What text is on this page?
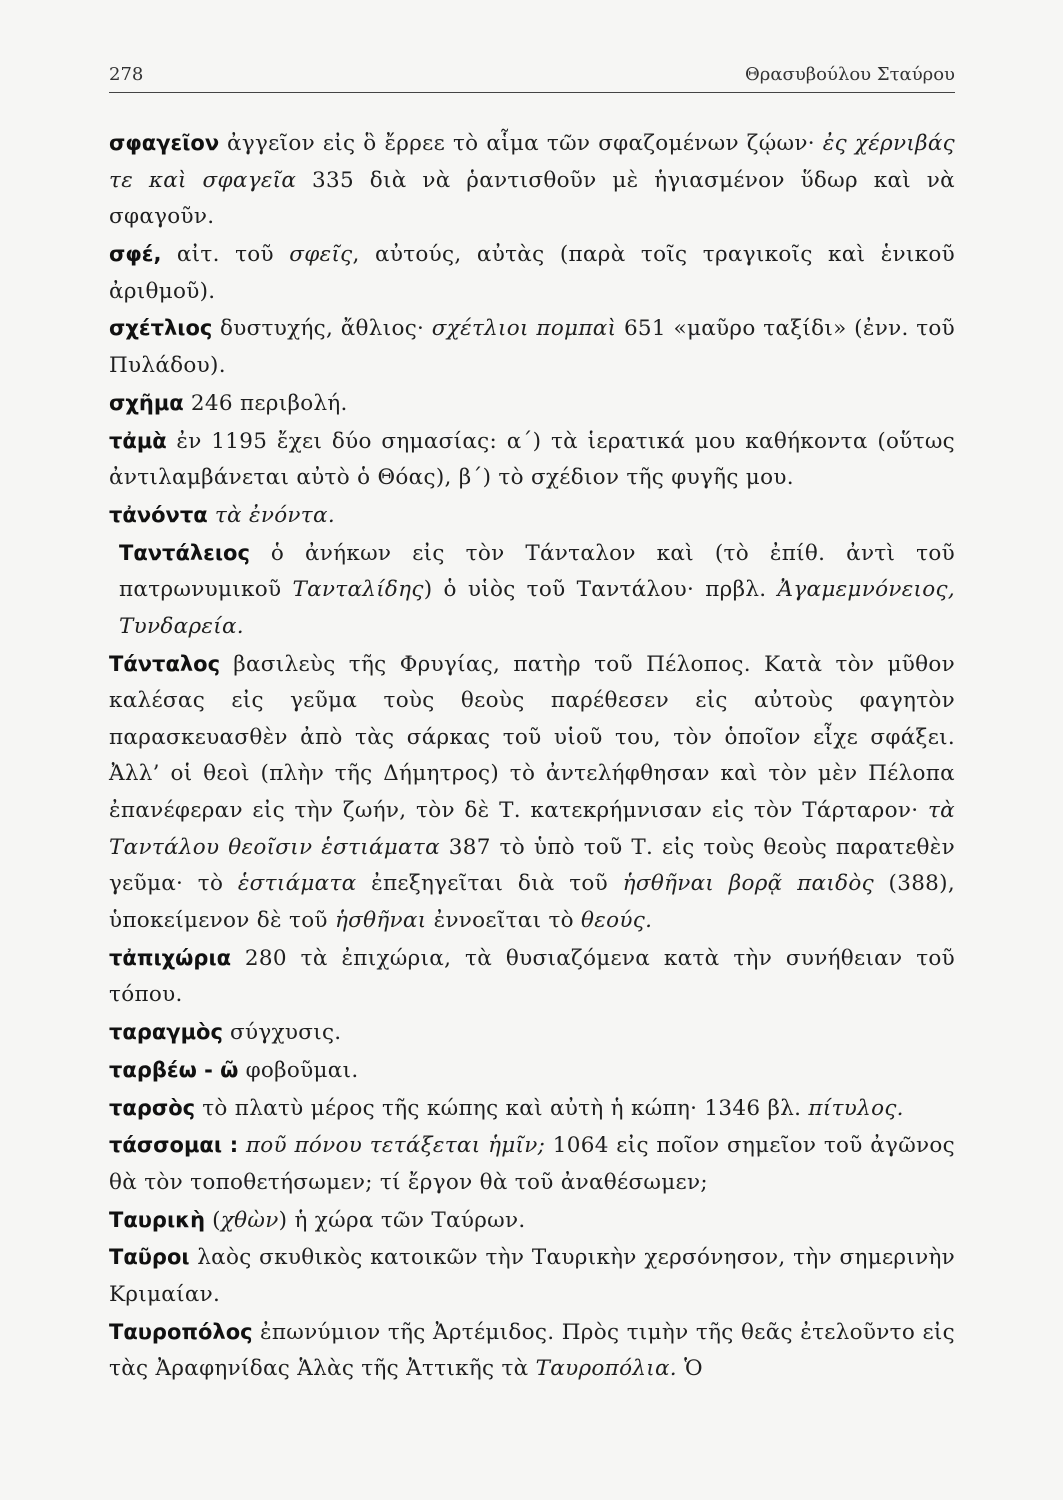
278	Θρασυβούλου Σταύρου
σφαγεῖον ἀγγεῖον εἰς ὃ ἔρρεε τὸ αἷμα τῶν σφαζομένων ζῴων· ἐς χέρνιβάς τε καὶ σφαγεῖα 335 διὰ νὰ ῥαντισθοῦν μὲ ἡγιασμένον ὕδωρ καὶ νὰ σφαγοῦν.
σφέ, αἰτ. τοῦ σφεῖς, αὐτούς, αὐτὰς (παρὰ τοῖς τραγικοῖς καὶ ἑνικοῦ ἀριθμοῦ).
σχέτλιος δυστυχής, ἄθλιος· σχέτλιοι πομπαὶ 651 «μαῦρο ταξίδι» (ἐνν. τοῦ Πυλάδου).
σχῆμα 246 περιβολή.
τἀμὰ ἐν 1195 ἔχει δύο σημασίας: α΄) τὰ ἱερατικά μου καθήκοντα (οὕτως ἀντιλαμβάνεται αὐτὸ ὁ Θόας), β΄) τὸ σχέδιον τῆς φυγῆς μου.
τἀνόντα τὰ ἐνόντα.
Ταντάλειος ὁ ἀνήκων εἰς τὸν Τάνταλον καὶ (τὸ ἐπίθ. ἀντὶ τοῦ πατρωνυμικοῦ Τανταλίδης) ὁ υἱὸς τοῦ Ταντάλου· πρβλ. Ἀγαμεμνόνειος, Τυνδαρεία.
Τάνταλος βασιλεὺς τῆς Φρυγίας, πατὴρ τοῦ Πέλοπος. Κατὰ τὸν μῦθον καλέσας εἰς γεῦμα τοὺς θεοὺς παρέθεσεν εἰς αὐτοὺς φαγητὸν παρασκευασθὲν ἀπὸ τὰς σάρκας τοῦ υἱοῦ του, τὸν ὁποῖον εἶχε σφάξει. Ἀλλ’ οἱ θεοὶ (πλὴν τῆς Δήμητρος) τὸ ἀντελήφθησαν καὶ τὸν μὲν Πέλοπα ἐπανέφεραν εἰς τὴν ζωήν, τὸν δὲ Τ. κατεκρήμνισαν εἰς τὸν Τάρταρον· τὰ Ταντάλου θεοῖσιν ἑστιάματα 387 τὸ ὑπὸ τοῦ Τ. εἰς τοὺς θεοὺς παρατεθὲν γεῦμα· τὸ ἑστιάματα ἐπεξηγεῖται διὰ τοῦ ἡσθῆναι βορᾷ παιδὸς (388), ὑποκείμενον δὲ τοῦ ἡσθῆναι ἐννοεῖται τὸ θεούς.
τἀπιχώρια 280 τὰ ἐπιχώρια, τὰ θυσιαζόμενα κατὰ τὴν συνήθειαν τοῦ τόπου.
ταραγμὸς σύγχυσις.
ταρβέω - ῶ φοβοῦμαι.
ταρσὸς τὸ πλατὺ μέρος τῆς κώπης καὶ αὐτὴ ἡ κώπη· 1346 βλ. πίτυλος.
τάσσομαι : ποῦ πόνου τετάξεται ἡμῖν; 1064 εἰς ποῖον σημεῖον τοῦ ἀγῶνος θὰ τὸν τοποθετήσωμεν; τί ἔργον θὰ τοῦ ἀναθέσωμεν;
Ταυρικὴ (χθὼν) ἡ χώρα τῶν Ταύρων.
Ταῦροι λαὸς σκυθικὸς κατοικῶν τὴν Ταυρικὴν χερσόνησον, τὴν σημερινὴν Κριμαίαν.
Ταυροπόλος ἐπωνύμιον τῆς Ἀρτέμιδος. Πρὸς τιμὴν τῆς θεᾶς ἐτελοῦντο εἰς τὰς Ἀραφηνίδας Ἁλὰς τῆς Ἀττικῆς τὰ Ταυροπόλια. Ὁ
